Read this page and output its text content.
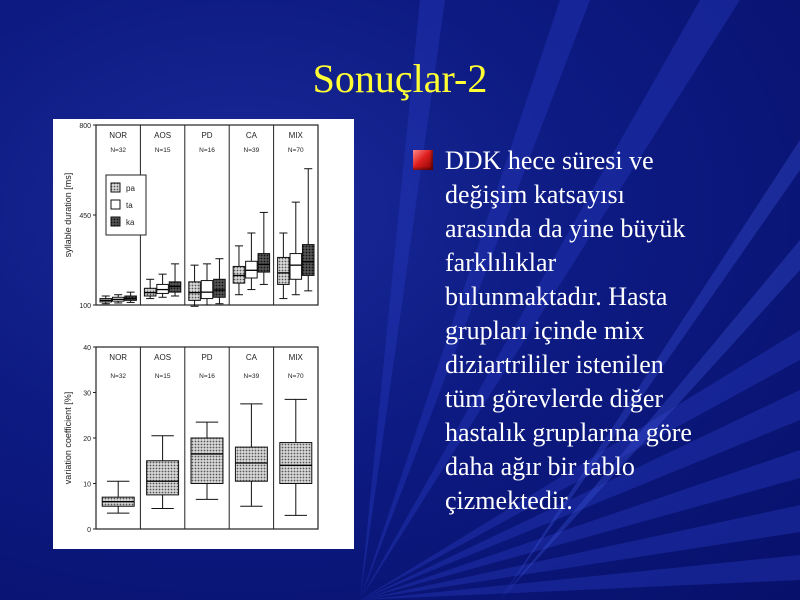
Sonuçlar-2
100
450
800
syllable duration [ms]
NOR
N=32
AOS
N=15
PD
N=16
CA
N=39
MIX
N=70
pa
ta
ka
0
10
20
30
40
variation coefficient [%]
NOR
N=32
AOS
N=15
PD
N=16
CA
N=39
MIX
N=70
DDK hece süresi ve
değişim katsayısı
arasında da yine büyük
farklılıklar
bulunmaktadır. Hasta
grupları içinde mix
diziartrililer istenilen
tüm görevlerde diğer
hastalık gruplarına göre
daha ağır bir tablo
çizmektedir.
